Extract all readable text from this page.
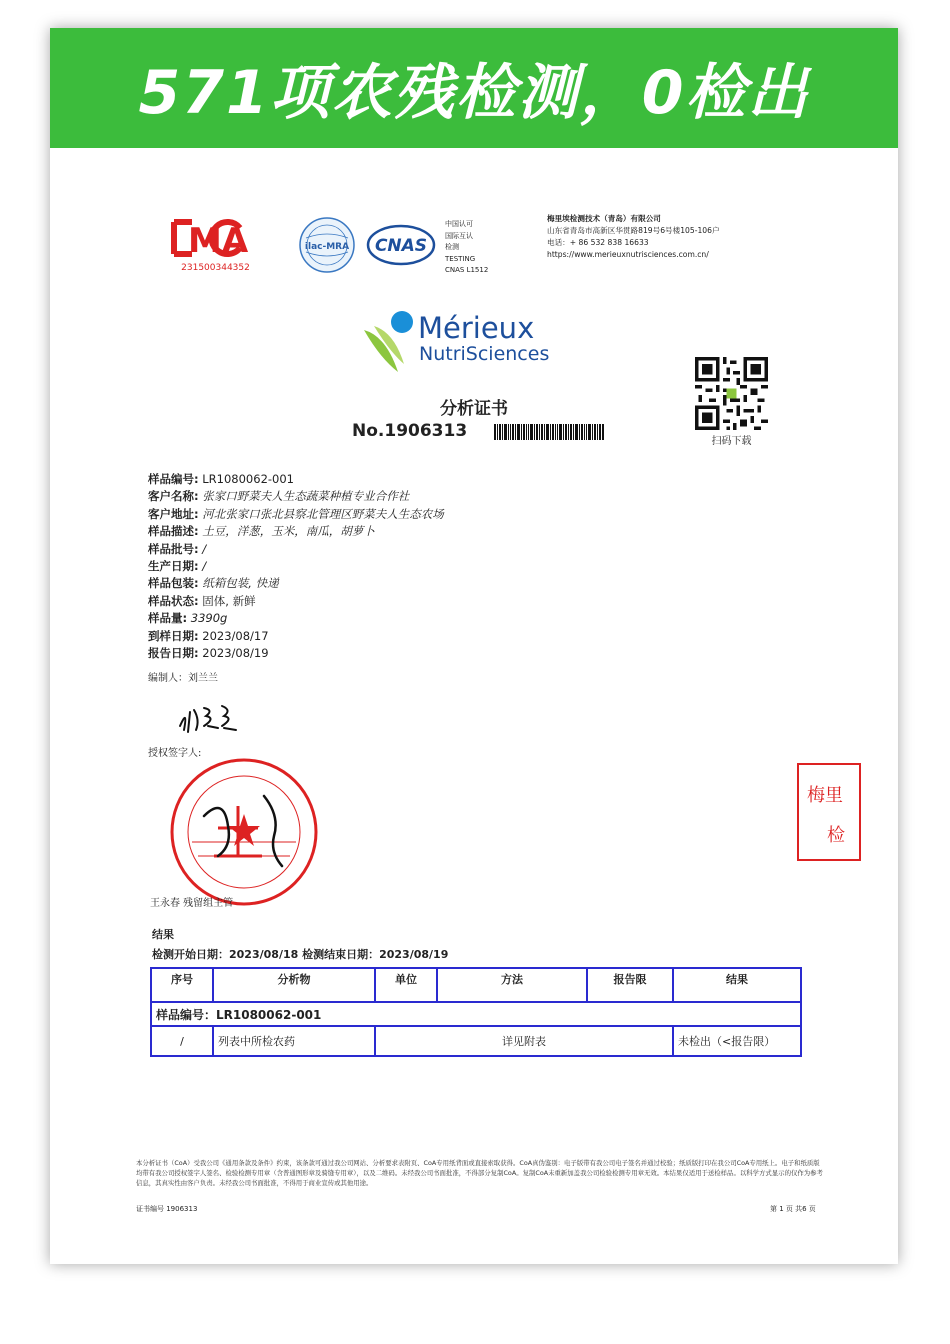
571项农残检测，0检出
MA
231500344352
ilac-MRA CNAS
中国认可
国际互认
检测
TESTING
CNAS L1512
梅里埃检测技术（青岛）有限公司
山东省青岛市高新区华贯路819号6号楼105-106户
电话：+ 86 532 838 16633
https://www.merieuxnutrisciences.com.cn/
Mérieux
NutriSciences
扫码下载
分析证书
No.1906313
样品编号: LR1080062-001
客户名称: 张家口野菜夫人生态蔬菜种植专业合作社
客户地址: 河北张家口张北县察北管理区野菜夫人生态农场
样品描述: 土豆，洋葱，玉米，南瓜，胡萝卜
样品批号: /
生产日期: /
样品包装: 纸箱包装, 快递
样品状态: 固体, 新鲜
样品量: 3390g
到样日期: 2023/08/17
报告日期: 2023/08/19
编制人：刘兰兰
授权签字人:
王永春 残留组主管
梅里
检
结果
检测开始日期：2023/08/18 检测结束日期：2023/08/19
序号	分析物	单位	方法	报告限	结果
样品编号：LR1080062-001					
/	列表中所检农药	详见附表			未检出（<报告限）
本分析证书（CoA）受我公司《通用条款及条件》约束，该条款可通过我公司网站、分析要求表附页、CoA专用纸背面或直接索取获得。CoA真伪鉴别：电子版带有我公司电子签名并通过校验；纸质版打印在我公司CoA专用纸上。电子和纸质版均带有我公司授权签字人签名、检验检测专用章（含普通图形章及骑缝专用章），以及二维码。未经我公司书面批准，不得部分复制CoA。复制CoA未重新加盖我公司检验检测专用章无效。本结果仅适用于送检样品。以科学方式显示的仅作为参考信息，其真实性由客户负责。未经我公司书面批准，不得用于商业宣传或其他用途。
证书编号 1906313	第 1 页 共6 页
